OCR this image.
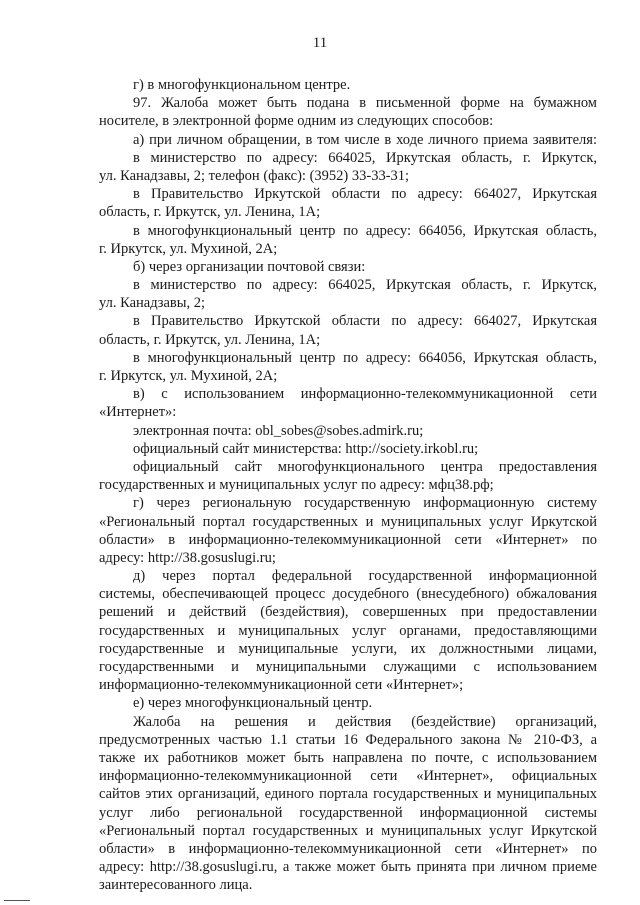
11
г) в многофункциональном центре.
97. Жалоба может быть подана в письменной форме на бумажном
носителе, в электронной форме одним из следующих способов:
а) при личном обращении, в том числе в ходе личного приема заявителя:
в министерство по адресу: 664025, Иркутская область, г. Иркутск,
ул. Канадзавы, 2; телефон (факс): (3952) 33-33-31;
в Правительство Иркутской области по адресу: 664027, Иркутская
область, г. Иркутск, ул. Ленина, 1А;
в многофункциональный центр по адресу: 664056, Иркутская область,
г. Иркутск, ул. Мухиной, 2А;
б) через организации почтовой связи:
в министерство по адресу: 664025, Иркутская область, г. Иркутск,
ул. Канадзавы, 2;
в Правительство Иркутской области по адресу: 664027, Иркутская
область, г. Иркутск, ул. Ленина, 1А;
в многофункциональный центр по адресу: 664056, Иркутская область,
г. Иркутск, ул. Мухиной, 2А;
в) с использованием информационно-телекоммуникационной сети
«Интернет»:
электронная почта: obl_sobes@sobes.admirk.ru;
официальный сайт министерства: http://society.irkobl.ru;
официальный сайт многофункционального центра предоставления
государственных и муниципальных услуг по адресу: мфц38.рф;
г) через региональную государственную информационную систему
«Региональный портал государственных и муниципальных услуг Иркутской
области» в информационно-телекоммуникационной сети «Интернет» по
адресу: http://38.gosuslugi.ru;
д) через портал федеральной государственной информационной
системы, обеспечивающей процесс досудебного (внесудебного) обжалования
решений и действий (бездействия), совершенных при предоставлении
государственных и муниципальных услуг органами, предоставляющими
государственные и муниципальные услуги, их должностными лицами,
государственными и муниципальными служащими с использованием
информационно-телекоммуникационной сети «Интернет»;
е) через многофункциональный центр.
Жалоба на решения и действия (бездействие) организаций,
предусмотренных частью 1.1 статьи 16 Федерального закона № 210-ФЗ, а
также их работников может быть направлена по почте, с использованием
информационно-телекоммуникационной сети «Интернет», официальных
сайтов этих организаций, единого портала государственных и муниципальных
услуг либо региональной государственной информационной системы
«Региональный портал государственных и муниципальных услуг Иркутской
области» в информационно-телекоммуникационной сети «Интернет» по
адресу: http://38.gosuslugi.ru, а также может быть принята при личном приеме
заинтересованного лица.
